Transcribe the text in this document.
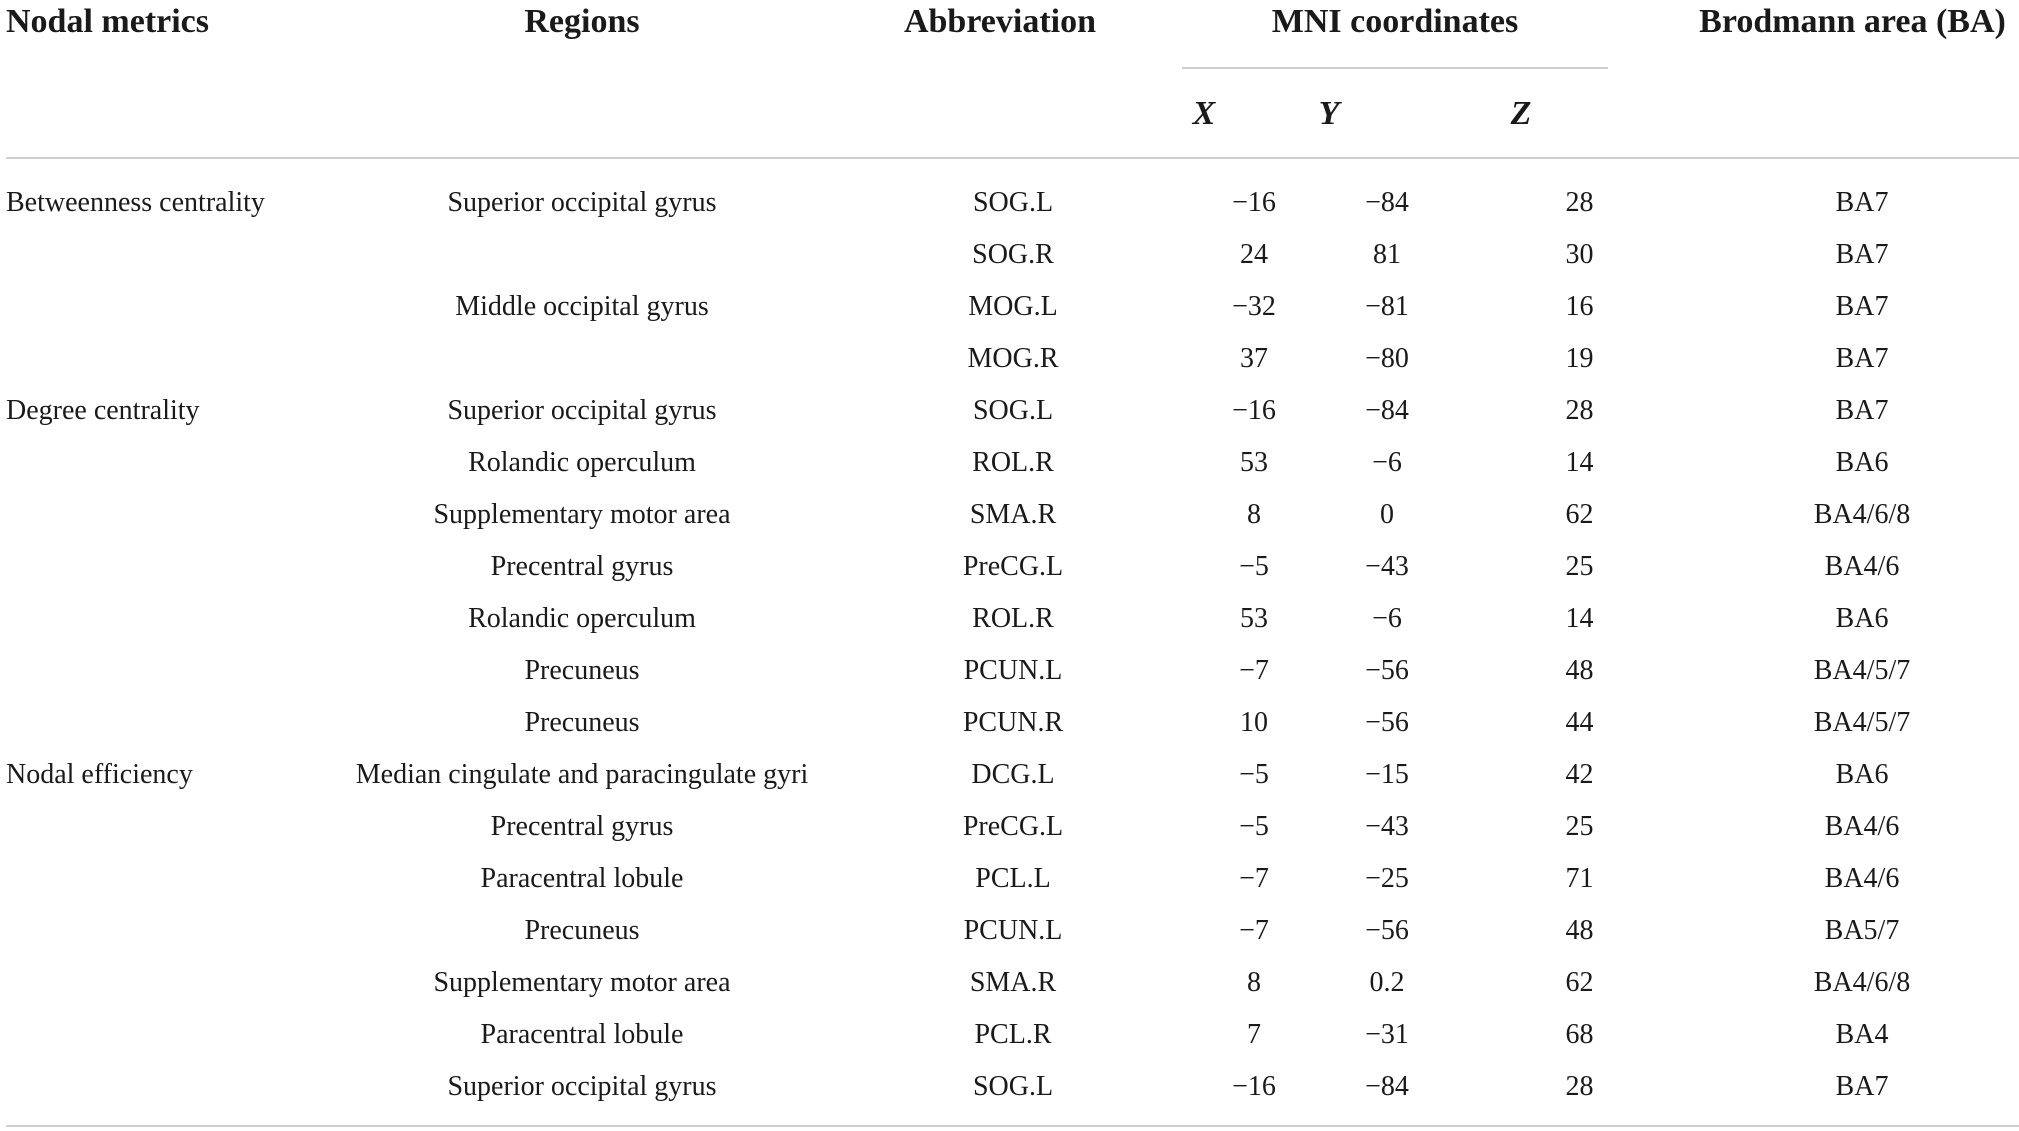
Nodal metrics	Regions	Abbreviation	MNI coordinates	Brodmann area (BA)
X	Y	Z
Betweenness centrality	Superior occipital gyrus	SOG.L	−16	−84	28	BA7
		SOG.R	24	81	30	BA7
	Middle occipital gyrus	MOG.L	−32	−81	16	BA7
		MOG.R	37	−80	19	BA7
Degree centrality	Superior occipital gyrus	SOG.L	−16	−84	28	BA7
	Rolandic operculum	ROL.R	53	−6	14	BA6
	Supplementary motor area	SMA.R	8	0	62	BA4/6/8
	Precentral gyrus	PreCG.L	−5	−43	25	BA4/6
	Rolandic operculum	ROL.R	53	−6	14	BA6
	Precuneus	PCUN.L	−7	−56	48	BA4/5/7
	Precuneus	PCUN.R	10	−56	44	BA4/5/7
Nodal efficiency	Median cingulate and paracingulate gyri	DCG.L	−5	−15	42	BA6
	Precentral gyrus	PreCG.L	−5	−43	25	BA4/6
	Paracentral lobule	PCL.L	−7	−25	71	BA4/6
	Precuneus	PCUN.L	−7	−56	48	BA5/7
	Supplementary motor area	SMA.R	8	0.2	62	BA4/6/8
	Paracentral lobule	PCL.R	7	−31	68	BA4
	Superior occipital gyrus	SOG.L	−16	−84	28	BA7
